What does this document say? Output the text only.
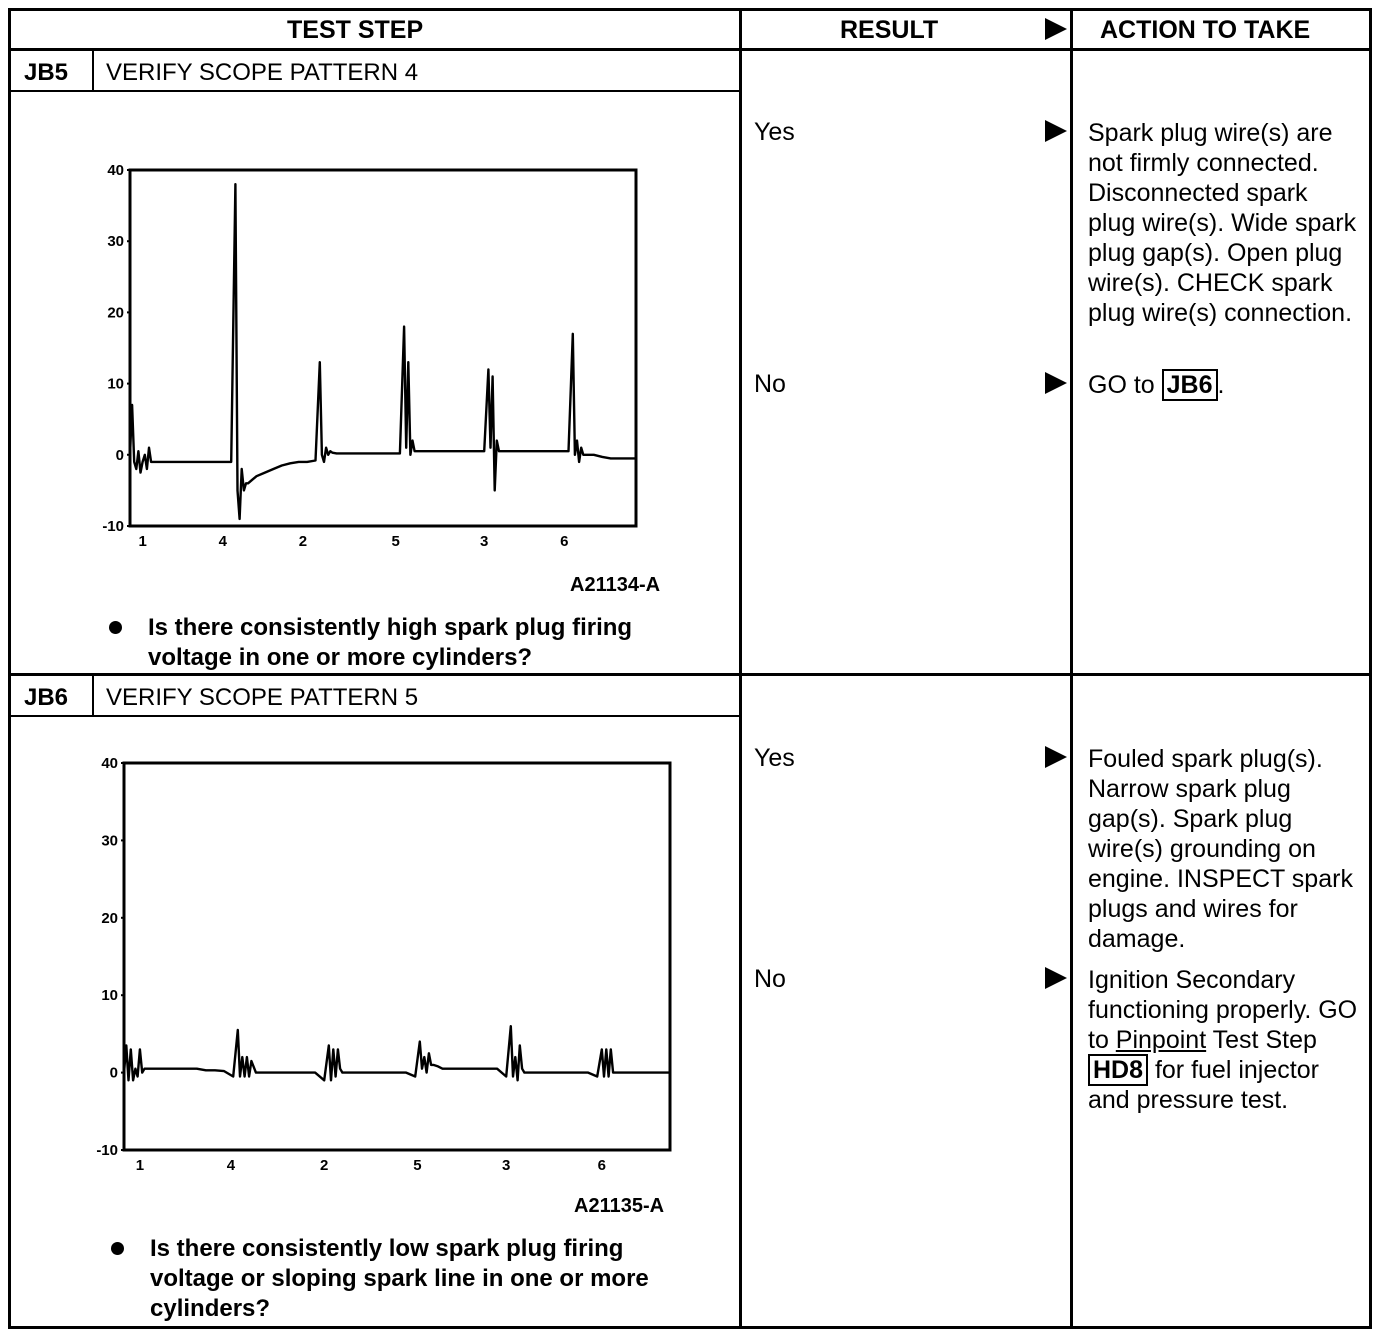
TEST STEP	RESULT	ACTION TO TAKE
JB5 VERIFY SCOPE PATTERN 4
40
30
20
10
0
-10
1	4	2	5	3	6
A21134-A
Is there consistently high spark plug firing voltage in one or more cylinders?
Yes	Spark plug wire(s) are not firmly connected. Disconnected spark plug wire(s). Wide spark plug gap(s). Open plug wire(s). CHECK spark plug wire(s) connection.
No	GO to JB6 .
JB6 VERIFY SCOPE PATTERN 5
40
30
20
10
0
-10
1	4	2	5	3	6
A21135-A
Is there consistently low spark plug firing voltage or sloping spark line in one or more cylinders?
Yes	Fouled spark plug(s). Narrow spark plug gap(s). Spark plug wire(s) grounding on engine. INSPECT spark plugs and wires for damage.
No	Ignition Secondary functioning properly. GO to Pinpoint Test Step HD8 for fuel injector and pressure test.
